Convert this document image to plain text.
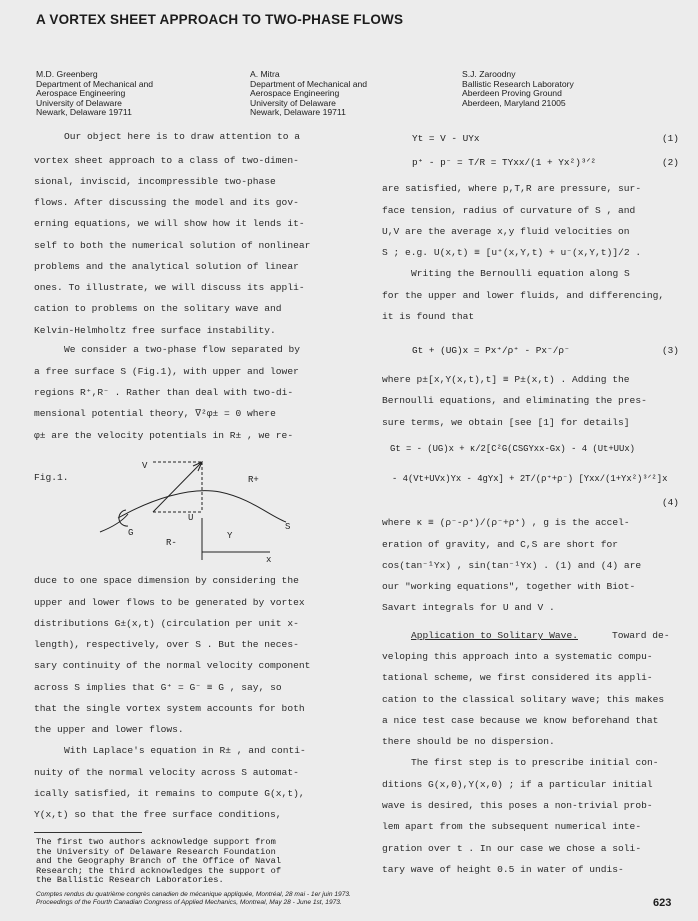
A VORTEX SHEET APPROACH TO TWO-PHASE FLOWS
M.D. Greenberg
Department of Mechanical and
Aerospace Engineering
University of Delaware
Newark, Delaware 19711
A. Mitra
Department of Mechanical and
Aerospace Engineering
University of Delaware
Newark, Delaware 19711
S.J. Zaroodny
Ballistic Research Laboratory
Aberdeen Proving Ground
Aberdeen, Maryland 21005
Our object here is to draw attention to a
vortex sheet approach to a class of two-dimen-
sional, inviscid, incompressible two-phase
flows. After discussing the model and its gov-
erning equations, we will show how it lends it-
self to both the numerical solution of nonlinear
problems and the analytical solution of linear
ones. To illustrate, we will discuss its appli-
cation to problems on the solitary wave and
Kelvin-Helmholtz free surface instability.
We consider a two-phase flow separated by
a free surface S (Fig.1), with upper and lower
regions R⁺,R⁻ . Rather than deal with two-di-
mensional potential theory, ∇²φ± = 0 where
φ± are the velocity potentials in R± , we re-
Fig.1.
V
R+
U
S
G
R-
Y
x
duce to one space dimension by considering the
upper and lower flows to be generated by vortex
distributions G±(x,t) (circulation per unit x-
length), respectively, over S . But the neces-
sary continuity of the normal velocity component
across S implies that G⁺ = G⁻ ≡ G , say, so
that the single vortex system accounts for both
the upper and lower flows.
With Laplace's equation in R± , and conti-
nuity of the normal velocity across S automat-
ically satisfied, it remains to compute G(x,t),
Y(x,t) so that the free surface conditions,
The first two authors acknowledge support from
the University of Delaware Research Foundation
and the Geography Branch of the Office of Naval
Research; the third acknowledges the support of
the Ballistic Research Laboratories.
Comptes rendus du quatrième congrès canadien de mécanique appliquée, Montréal, 28 mai - 1er juin 1973.
Proceedings of the Fourth Canadian Congress of Applied Mechanics, Montreal, May 28 - June 1st, 1973.	623
Yt = V - UYx	(1)
p⁺ - p⁻ = T/R = TYxx/(1 + Yx²)³ᐟ²	(2)
are satisfied, where p,T,R are pressure, sur-
face tension, radius of curvature of S , and
U,V are the average x,y fluid velocities on
S ; e.g. U(x,t) ≡ [u⁺(x,Y,t) + u⁻(x,Y,t)]/2 .
Writing the Bernoulli equation along S
for the upper and lower fluids, and differencing,
it is found that
Gt + (UG)x = Px⁺/ρ⁺ - Px⁻/ρ⁻	(3)
where p±[x,Y(x,t),t] ≡ P±(x,t) . Adding the
Bernoulli equations, and eliminating the pres-
sure terms, we obtain [see [1] for details]
Gt = - (UG)x + κ/2[C²G(CSGYxx-Gx) - 4 (Ut+UUx)
- 4(Vt+UVx)Yx - 4gYx] + 2T/(ρ⁺+ρ⁻) [Yxx/(1+Yx²)³ᐟ²]x
(4)
where κ ≡ (ρ⁻-ρ⁺)/(ρ⁻+ρ⁺) , g is the accel-
eration of gravity, and C,S are short for
cos(tan⁻¹Yx) , sin(tan⁻¹Yx) . (1) and (4) are
our "working equations", together with Biot-
Savart integrals for U and V .
Application to Solitary Wave.	Toward de-
veloping this approach into a systematic compu-
tational scheme, we first considered its appli-
cation to the classical solitary wave; this makes
a nice test case because we know beforehand that
there should be no dispersion.
The first step is to prescribe initial con-
ditions G(x,0),Y(x,0) ; if a particular initial
wave is desired, this poses a non-trivial prob-
lem apart from the subsequent numerical inte-
gration over t . In our case we chose a soli-
tary wave of height 0.5 in water of undis-
